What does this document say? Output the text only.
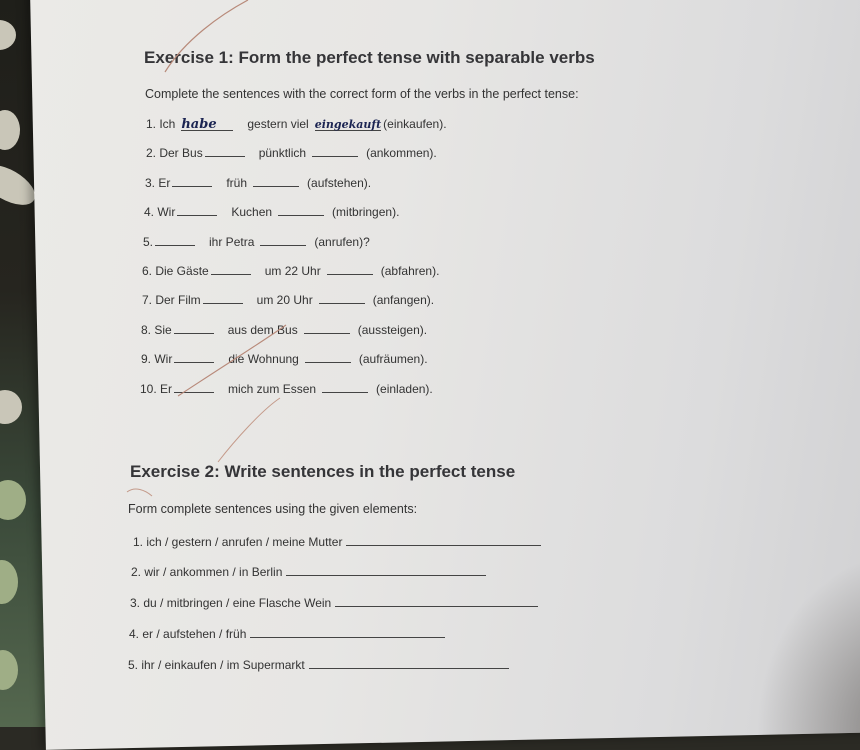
Exercise 1: Form the perfect tense with separable verbs
Complete the sentences with the correct form of the verbs in the perfect tense:
1. Ich habe	gestern viel eingekauft (einkaufen).
2. Der Bus	pünktlich	(ankommen).
3. Er	früh	(aufstehen).
4. Wir	Kuchen	(mitbringen).
5.	ihr Petra	(anrufen)?
6. Die Gäste	um 22 Uhr	(abfahren).
7. Der Film	um 20 Uhr	(anfangen).
8. Sie	aus dem Bus	(aussteigen).
9. Wir	die Wohnung	(aufräumen).
10. Er	mich zum Essen	(einladen).
Exercise 2: Write sentences in the perfect tense
Form complete sentences using the given elements:
1. ich / gestern / anrufen / meine Mutter
2. wir / ankommen / in Berlin
3. du / mitbringen / eine Flasche Wein
4. er / aufstehen / früh
5. ihr / einkaufen / im Supermarkt
